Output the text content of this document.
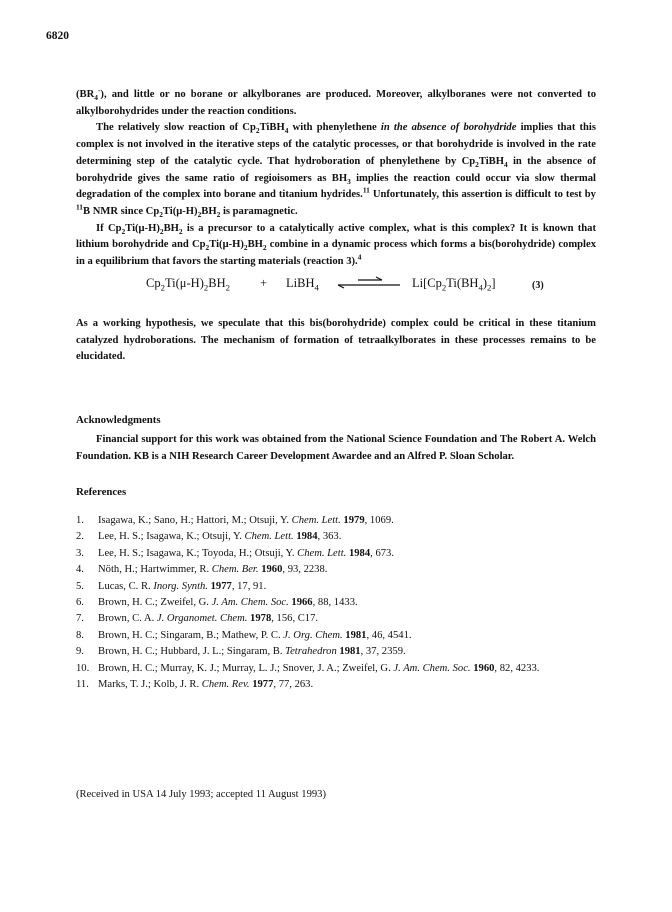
6820

$(BR_4^-)$, and little or no borane or alkylboranes are produced. Moreover, alkylboranes were not converted to alkylborohydrides under the reaction conditions.

The relatively slow reaction of $Cp_2TiBH_4$ with phenylethene in the absence of borohydride implies that this complex is not involved in the iterative steps of the catalytic processes, or that borohydride is involved in the rate determining step of the catalytic cycle. That hydroboration of phenylethene by $Cp_2TiBH_4$ in the absence of borohydride gives the same ratio of regioisomers as $BH_3$ implies the reaction could occur via slow thermal degradation of the complex into borane and titanium hydrides.$^{11}$ Unfortunately, this assertion is difficult to test by $^{11}$B NMR since $Cp_2Ti(\mu-H)_2BH_2$ is paramagnetic.

If $Cp_2Ti(\mu-H)_2BH_2$ is a precursor to a catalytically active complex, what is this complex? It is known that lithium borohydride and $Cp_2Ti(\mu-H)_2BH_2$ combine in a dynamic process which forms a bis(borohydride) complex in a equilibrium that favors the starting materials (reaction 3).$^4$

$Cp_2Ti(\mu-H)_2BH_2$ + LiBH$_4$	$Li[Cp_2Ti(BH_4)_2]$	(3)

As a working hypothesis, we speculate that this bis(borohydride) complex could be critical in these titanium catalyzed hydroborations. The mechanism of formation of tetraalkylborates in these processes remains to be elucidated.

Acknowledgments

Financial support for this work was obtained from the National Science Foundation and The Robert A. Welch Foundation. KB is a NIH Research Career Development Awardee and an Alfred P. Sloan Scholar.

References
1.	Isagawa, K.; Sano, H.; Hattori, M.; Otsuji, Y. Chem. Lett. 1979, 1069.
2.	Lee, H. S.; Isagawa, K.; Otsuji, Y. Chem. Lett. 1984, 363.
3.	Lee, H. S.; Isagawa, K.; Toyoda, H.; Otsuji, Y. Chem. Lett. 1984, 673.
4.	Nöth, H.; Hartwimmer, R. Chem. Ber. 1960, 93, 2238.
5.	Lucas, C. R. Inorg. Synth. 1977, 17, 91.
6.	Brown, H. C.; Zweifel, G. J. Am. Chem. Soc. 1966, 88, 1433.
7.	Brown, C. A. J. Organomet. Chem. 1978, 156, C17.
8.	Brown, H. C.; Singaram, B.; Mathew, P. C. J. Org. Chem. 1981, 46, 4541.
9.	Brown, H. C.; Hubbard, J. L.; Singaram, B. Tetrahedron 1981, 37, 2359.
10. Brown, H. C.; Murray, K. J.; Murray, L. J.; Snover, J. A.; Zweifel, G. J. Am. Chem. Soc. 1960, 82, 4233.
11. Marks, T. J.; Kolb, J. R. Chem. Rev. 1977, 77, 263.
(Received in USA 14 July 1993; accepted 11 August 1993)
